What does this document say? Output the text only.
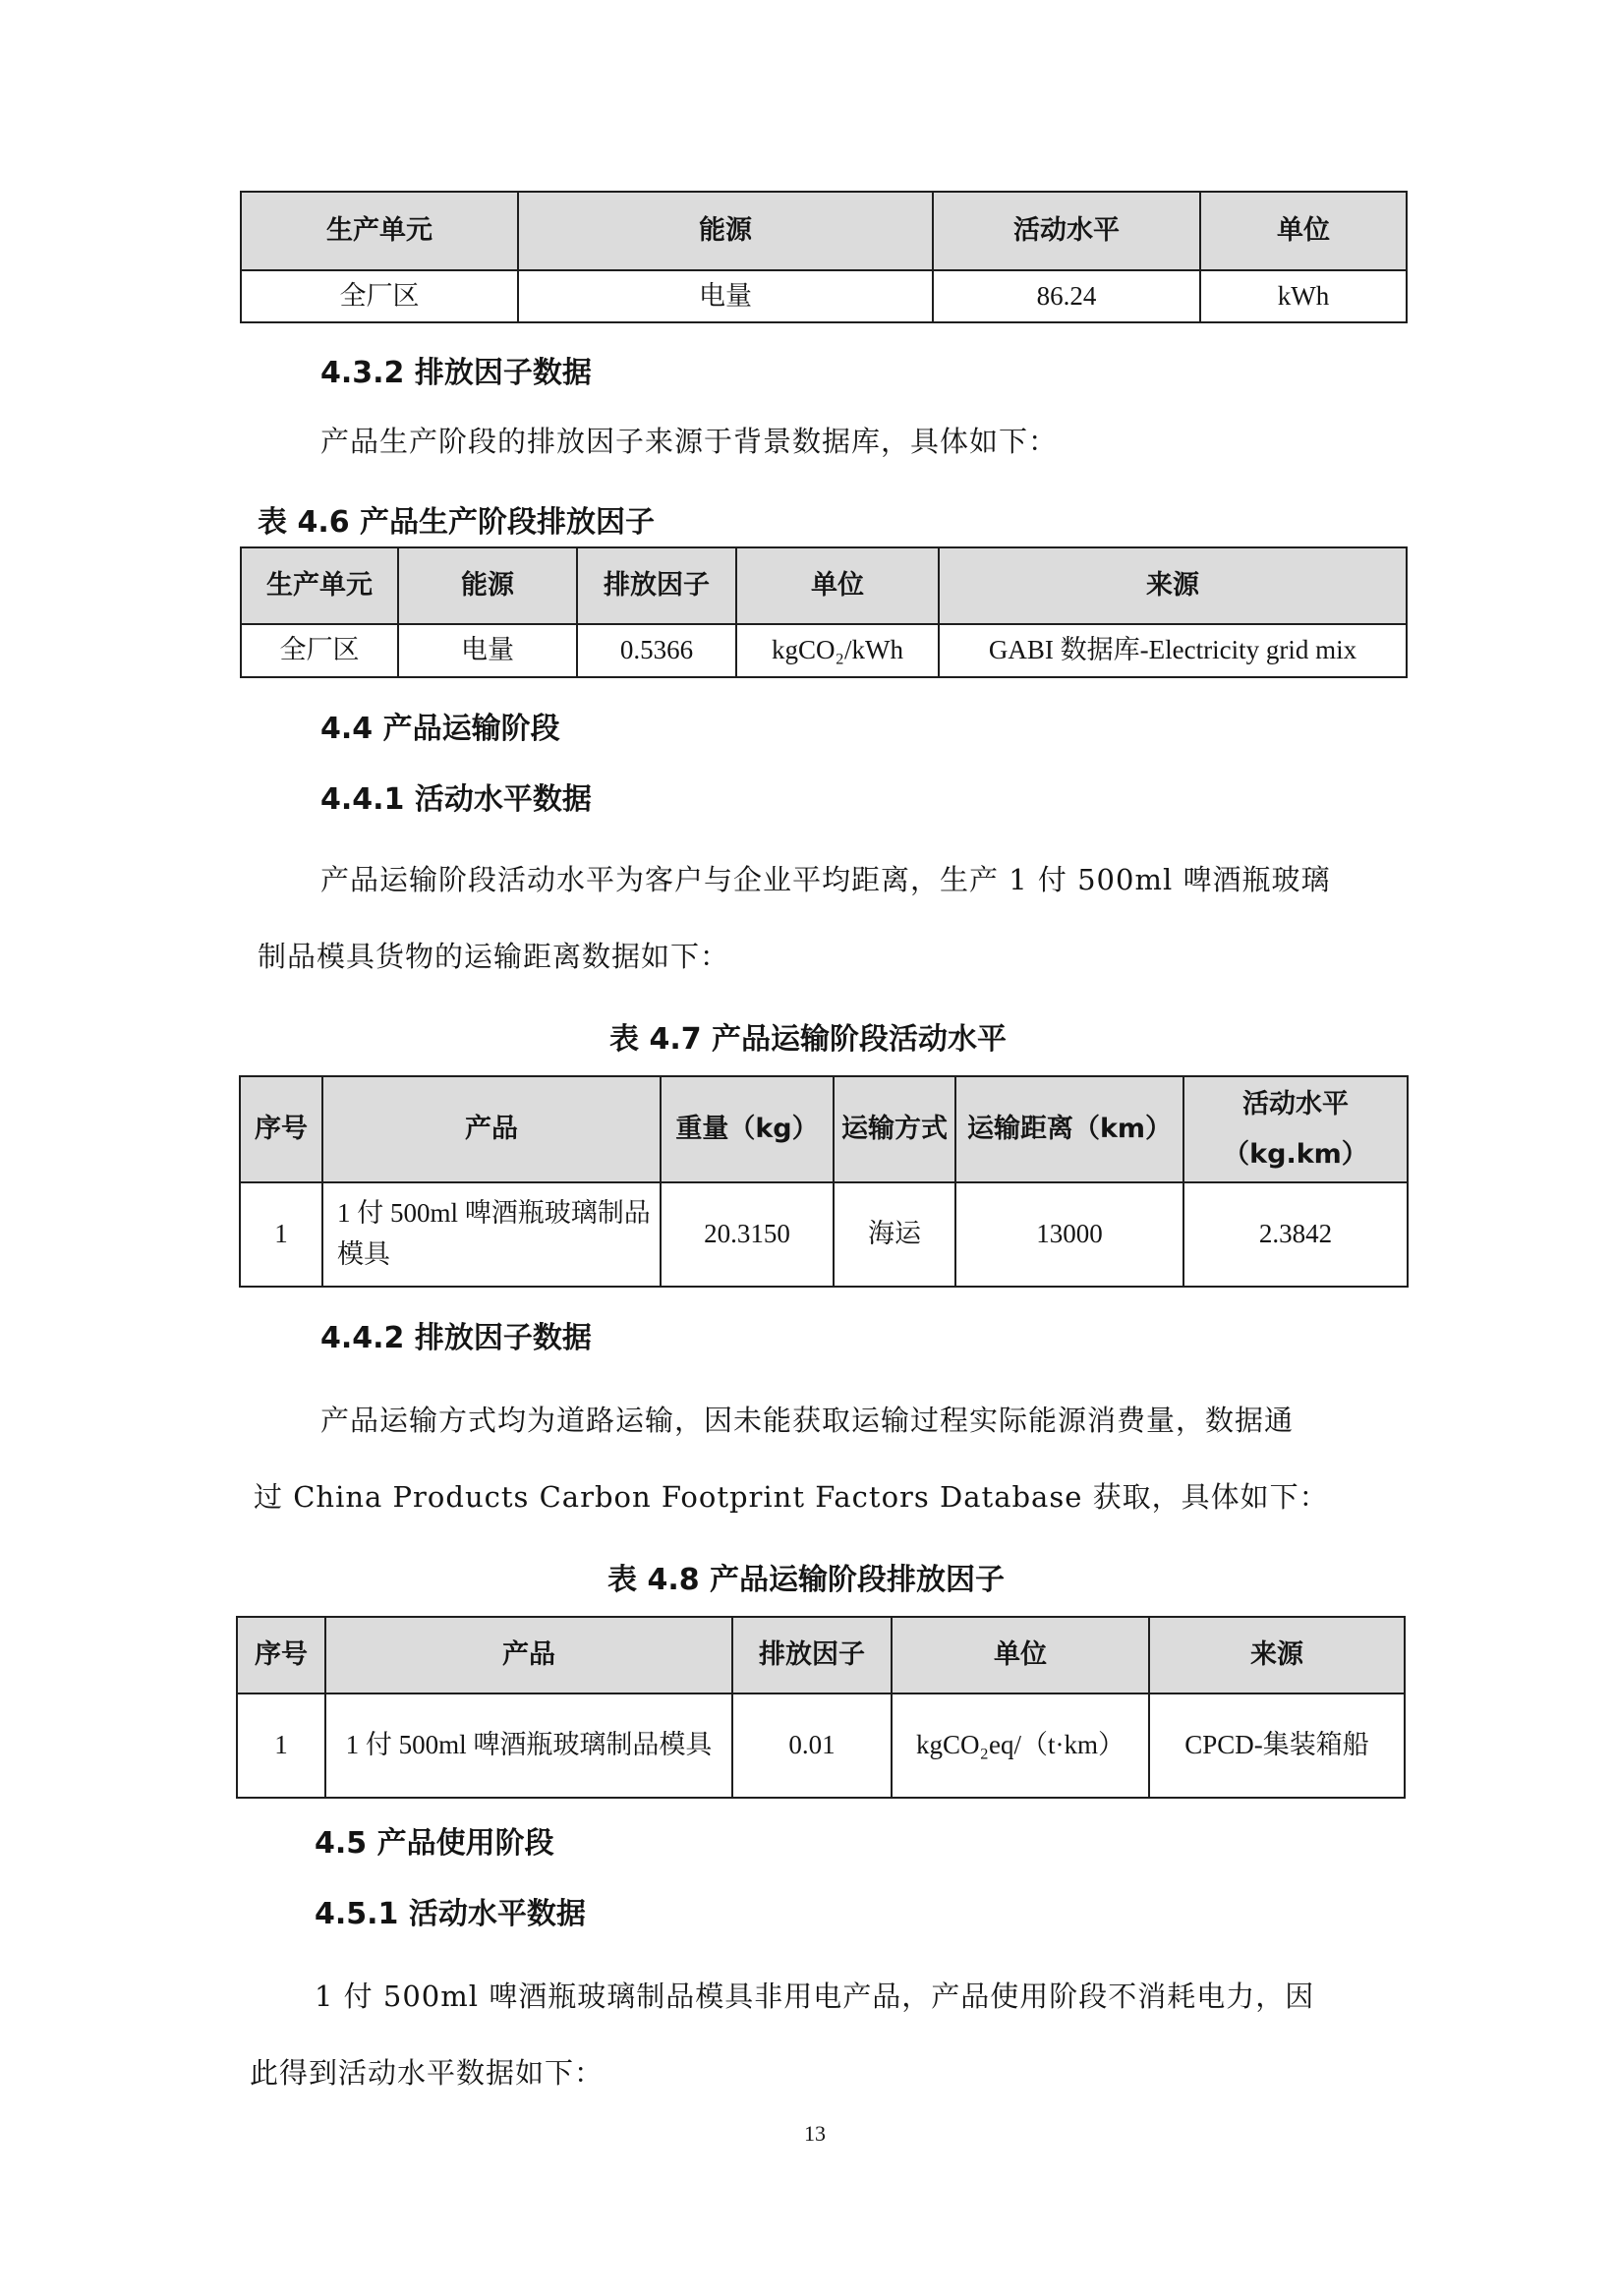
生产单元	能源	活动水平	单位
全厂区	电量	86.24	kWh
4.3.2 排放因子数据
产品生产阶段的排放因子来源于背景数据库，具体如下：
表 4.6 产品生产阶段排放因子
生产单元	能源	排放因子	单位	来源
全厂区	电量	0.5366	kgCO₂/kWh	GABI 数据库-Electricity grid mix
4.4 产品运输阶段
4.4.1 活动水平数据
产品运输阶段活动水平为客户与企业平均距离，生产 1 付 500ml 啤酒瓶玻璃
制品模具货物的运输距离数据如下：
表 4.7 产品运输阶段活动水平
序号	产品	重量（kg）	运输方式	运输距离（km）	活动水平（kg.km）
1	1 付 500ml 啤酒瓶玻璃制品模具	20.3150	海运	13000	2.3842
4.4.2 排放因子数据
产品运输方式均为道路运输，因未能获取运输过程实际能源消费量，数据通
过 China Products Carbon Footprint Factors Database 获取，具体如下：
表 4.8 产品运输阶段排放因子
序号	产品	排放因子	单位	来源
1	1 付 500ml 啤酒瓶玻璃制品模具	0.01	kgCO₂eq/（t·km）	CPCD-集装箱船
4.5 产品使用阶段
4.5.1 活动水平数据
1 付 500ml 啤酒瓶玻璃制品模具非用电产品，产品使用阶段不消耗电力，因
此得到活动水平数据如下：
13
